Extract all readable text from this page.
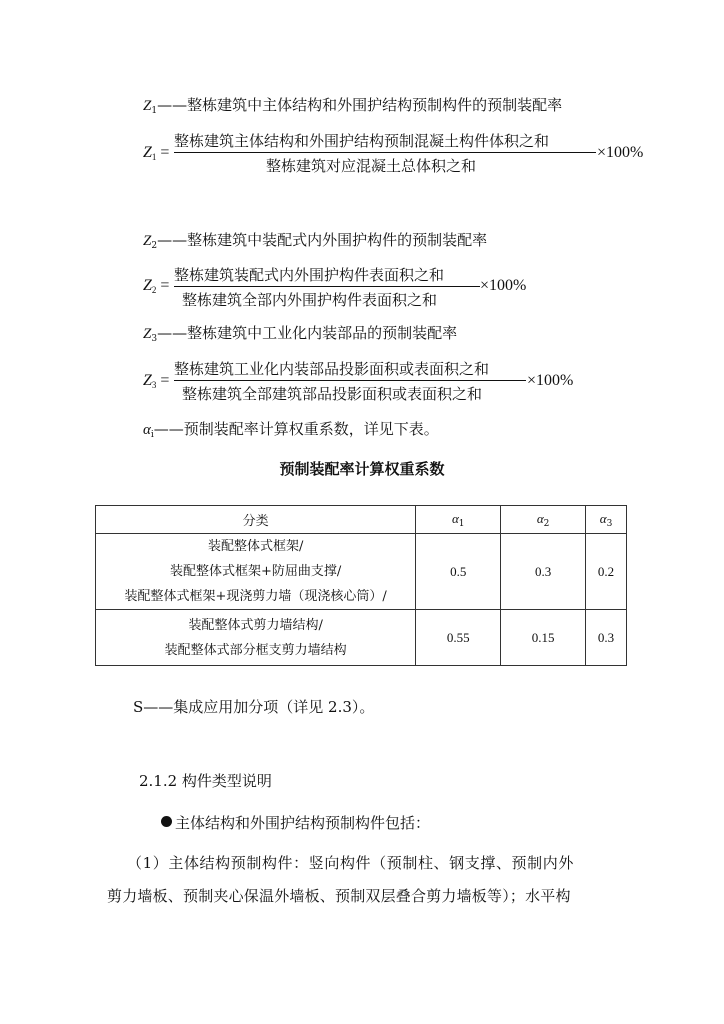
$Z_1——$整栋建筑中主体结构和外围护结构预制构件的预制装配率
$Z_1$ =
整栋建筑主体结构和外围护结构预制混凝土构件体积之和
整栋建筑对应混凝土总体积之和
×100%
$Z_2——$整栋建筑中装配式内外围护构件的预制装配率
$Z_2$ =
整栋建筑装配式内外围护构件表面积之和
整栋建筑全部内外围护构件表面积之和
×100%
$Z_3——$整栋建筑中工业化内装部品的预制装配率
$Z_3$ =
整栋建筑工业化内装部品投影面积或表面积之和
整栋建筑全部建筑部品投影面积或表面积之和
×100%
$\alpha_i——$预制装配率计算权重系数，详见下表。
预制装配率计算权重系数
分类	$\alpha_1$	$\alpha_2$	$\alpha_3$

装配整体式框架/
装配整体式框架+防屈曲支撑/
装配整体式框架+现浇剪力墙（现浇核心筒）/	0.5	0.3	0.2

装配整体式剪力墙结构/
装配整体式部分框支剪力墙结构	0.55	0.15	0.3
S——集成应用加分项（详见 2.3）。
2.1.2 构件类型说明
主体结构和外围护结构预制构件包括：
（1）主体结构预制构件：竖向构件（预制柱、钢支撑、预制内外
剪力墙板、预制夹心保温外墙板、预制双层叠合剪力墙板等）；水平构
